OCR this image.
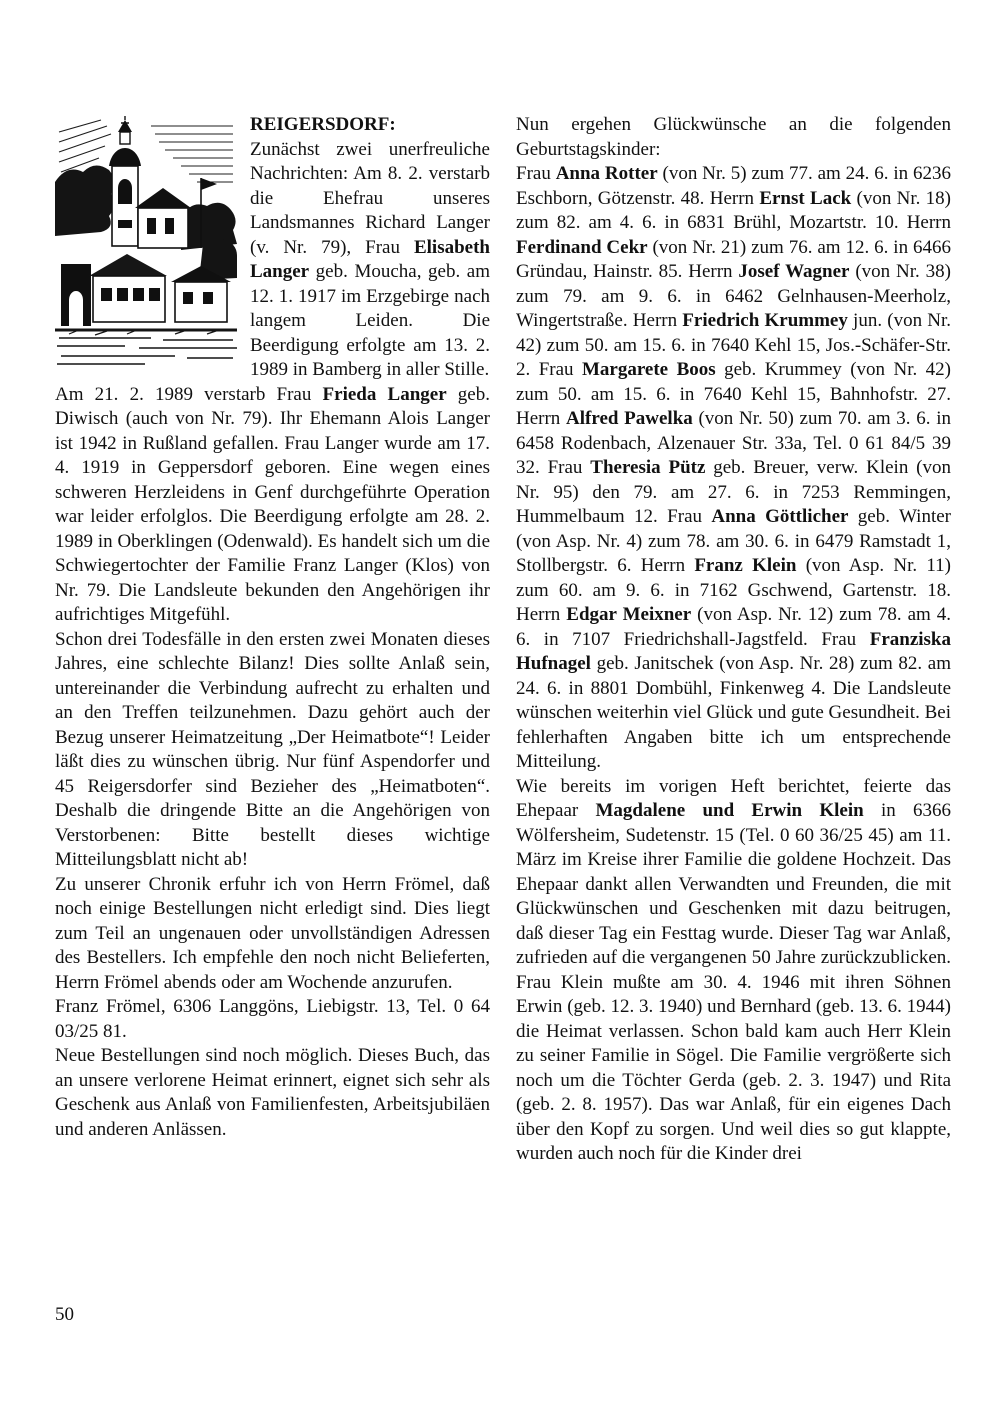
REIGERSDORF:

Zunächst zwei unerfreuliche Nachrichten: Am 8. 2. verstarb die Ehefrau unseres Landsmannes Richard Langer (v. Nr. 79), Frau Elisabeth Langer geb. Moucha, geb. am 12. 1. 1917 im Erzgebirge nach langem Leiden. Die Beerdigung erfolgte am 13. 2. 1989 in Bamberg in aller Stille.

Am 21. 2. 1989 verstarb Frau Frieda Langer geb. Diwisch (auch von Nr. 79). Ihr Ehemann Alois Langer ist 1942 in Rußland gefallen. Frau Langer wurde am 17. 4. 1919 in Geppersdorf geboren. Eine wegen eines schweren Herzleidens in Genf durchgeführte Operation war leider erfolglos. Die Beerdigung erfolgte am 28. 2. 1989 in Oberklingen (Odenwald). Es handelt sich um die Schwiegertochter der Familie Franz Langer (Klos) von Nr. 79. Die Landsleute bekunden den Angehörigen ihr aufrichtiges Mitgefühl.

Schon drei Todesfälle in den ersten zwei Monaten dieses Jahres, eine schlechte Bilanz! Dies sollte Anlaß sein, untereinander die Verbindung aufrecht zu erhalten und an den Treffen teilzunehmen. Dazu gehört auch der Bezug unserer Heimatzeitung „Der Heimatbote“! Leider läßt dies zu wünschen übrig. Nur fünf Aspendorfer und 45 Reigersdorfer sind Bezieher des „Heimatboten“. Deshalb die dringende Bitte an die Angehörigen von Verstorbenen: Bitte bestellt dieses wichtige Mitteilungsblatt nicht ab!

Zu unserer Chronik erfuhr ich von Herrn Frömel, daß noch einige Bestellungen nicht erledigt sind. Dies liegt zum Teil an ungenauen oder unvollständigen Adressen des Bestellers. Ich empfehle den noch nicht Belieferten, Herrn Frömel abends oder am Wochende anzurufen.

Franz Frömel, 6306 Langgöns, Liebigstr. 13, Tel. 0 64 03/25 81.

Neue Bestellungen sind noch möglich. Dieses Buch, das an unsere verlorene Heimat erinnert, eignet sich sehr als Geschenk aus Anlaß von Familienfesten, Arbeitsjubiläen und anderen Anlässen.

Nun ergehen Glückwünsche an die folgenden Geburtstagskinder:

Frau Anna Rotter (von Nr. 5) zum 77. am 24. 6. in 6236 Eschborn, Götzenstr. 48. Herrn Ernst Lack (von Nr. 18) zum 82. am 4. 6. in 6831 Brühl, Mozartstr. 10. Herrn Ferdinand Cekr (von Nr. 21) zum 76. am 12. 6. in 6466 Gründau, Hainstr. 85. Herrn Josef Wagner (von Nr. 38) zum 79. am 9. 6. in 6462 Gelnhausen-Meerholz, Wingertstraße. Herrn Friedrich Krummey jun. (von Nr. 42) zum 50. am 15. 6. in 7640 Kehl 15, Jos.-Schäfer-Str. 2. Frau Margarete Boos geb. Krummey (von Nr. 42) zum 50. am 15. 6. in 7640 Kehl 15, Bahnhofstr. 27. Herrn Alfred Pawelka (von Nr. 50) zum 70. am 3. 6. in 6458 Rodenbach, Alzenauer Str. 33a, Tel. 0 61 84/5 39 32. Frau Theresia Pütz geb. Breuer, verw. Klein (von Nr. 95) den 79. am 27. 6. in 7253 Remmingen, Hummelbaum 12. Frau Anna Göttlicher geb. Winter (von Asp. Nr. 4) zum 78. am 30. 6. in 6479 Ramstadt 1, Stollbergstr. 6. Herrn Franz Klein (von Asp. Nr. 11) zum 60. am 9. 6. in 7162 Gschwend, Gartenstr. 18. Herrn Edgar Meixner (von Asp. Nr. 12) zum 78. am 4. 6. in 7107 Friedrichshall-Jagstfeld. Frau Franziska Hufnagel geb. Janitschek (von Asp. Nr. 28) zum 82. am 24. 6. in 8801 Dombühl, Finkenweg 4. Die Landsleute wünschen weiterhin viel Glück und gute Gesundheit. Bei fehlerhaften Angaben bitte ich um entsprechende Mitteilung.

Wie bereits im vorigen Heft berichtet, feierte das Ehepaar Magdalene und Erwin Klein in 6366 Wölfersheim, Sudetenstr. 15 (Tel. 0 60 36/25 45) am 11. März im Kreise ihrer Familie die goldene Hochzeit. Das Ehepaar dankt allen Verwandten und Freunden, die mit Glückwünschen und Geschenken mit dazu beitrugen, daß dieser Tag ein Festtag wurde. Dieser Tag war Anlaß, zufrieden auf die vergangenen 50 Jahre zurückzublicken. Frau Klein mußte am 30. 4. 1946 mit ihren Söhnen Erwin (geb. 12. 3. 1940) und Bernhard (geb. 13. 6. 1944) die Heimat verlassen. Schon bald kam auch Herr Klein zu seiner Familie in Sögel. Die Familie vergrößerte sich noch um die Töchter Gerda (geb. 2. 3. 1947) und Rita (geb. 2. 8. 1957). Das war Anlaß, für ein eigenes Dach über den Kopf zu sorgen. Und weil dies so gut klappte, wurden auch noch für die Kinder drei

50
